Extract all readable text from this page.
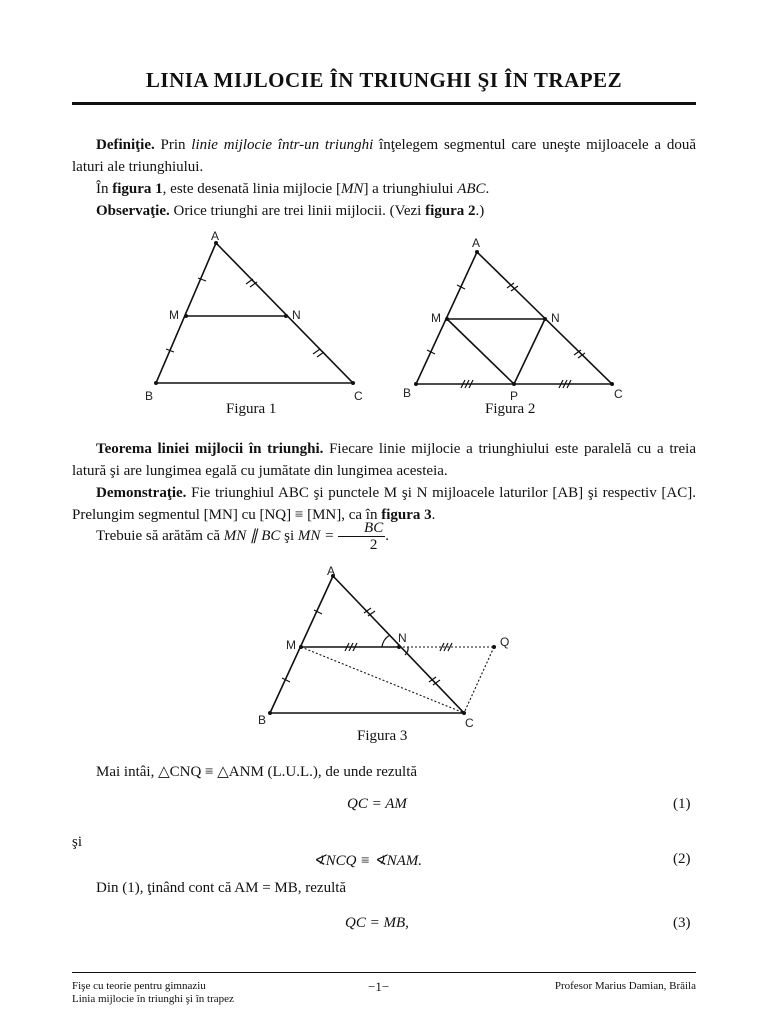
LINIA MIJLOCIE ÎN TRIUNGHI ŞI ÎN TRAPEZ
Definiţie. Prin linie mijlocie într-un triunghi înţelegem segmentul care uneşte mijloacele a două laturi ale triunghiului.
În figura 1, este desenată linia mijlocie [MN] a triunghiului ABC.
Observaţie. Orice triunghi are trei linii mijlocii. (Vezi figura 2.)
A
B	C
M	N
Figura 1
A
B	C
M	N
P
Figura 2
Teorema liniei mijlocii în triunghi. Fiecare linie mijlocie a triunghiului este paralelă cu a treia latură şi are lungimea egală cu jumătate din lungimea acesteia.
Demonstraţie. Fie triunghiul ABC şi punctele M şi N mijloacele laturilor [AB] şi respectiv [AC]. Prelungim segmentul [MN] cu [NQ] ≡ [MN], ca în figura 3.
Trebuie să arătăm că MN ∥ BC şi MN = $\frac{BC}{2}$ .
A
B	C
M	N	Q
Figura 3
Mai intâi, △CNQ ≡ △ANM (L.U.L.), de unde rezultă
QC = AM	(1)
şi
∢NCQ ≡ ∢NAM.	(2)
Din (1), ţinând cont că AM = MB, rezultă
QC = MB,	(3)
Fişe cu teorie pentru gimnaziu
Linia mijlocie în triunghi şi în trapez
−1−	Profesor Marius Damian, Brăila
